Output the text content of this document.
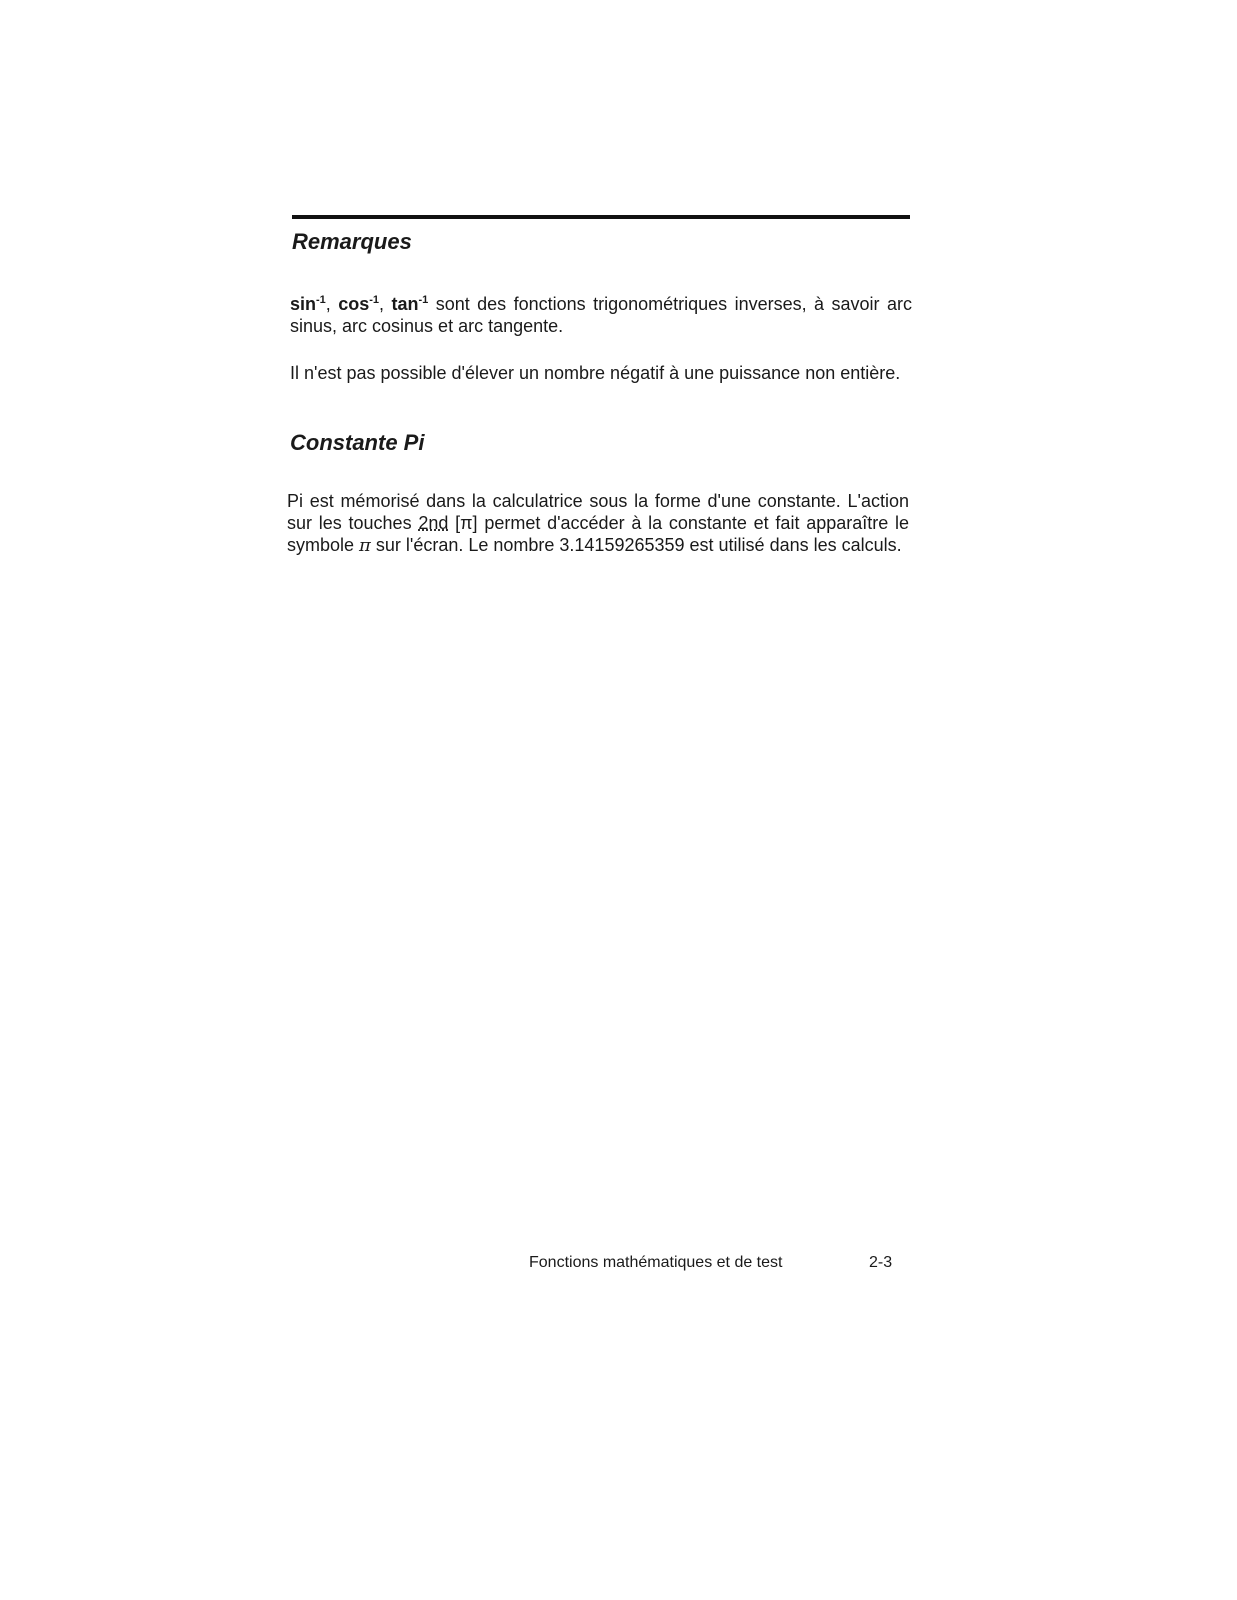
Remarques

$\sin^{-1}$, $\cos^{-1}$, $\tan^{-1}$ sont des fonctions trigonométriques inverses, à savoir arc sinus, arc cosinus et arc tangente.

Il n'est pas possible d'élever un nombre négatif à une puissance non entière.

Constante Pi

Pi est mémorisé dans la calculatrice sous la forme d'une constante. L'action sur les touches 2nd [π] permet d'accéder à la constante et fait apparaître le symbole π sur l'écran. Le nombre 3.14159265359 est utilisé dans les calculs.

Fonctions mathématiques et de test	2-3
